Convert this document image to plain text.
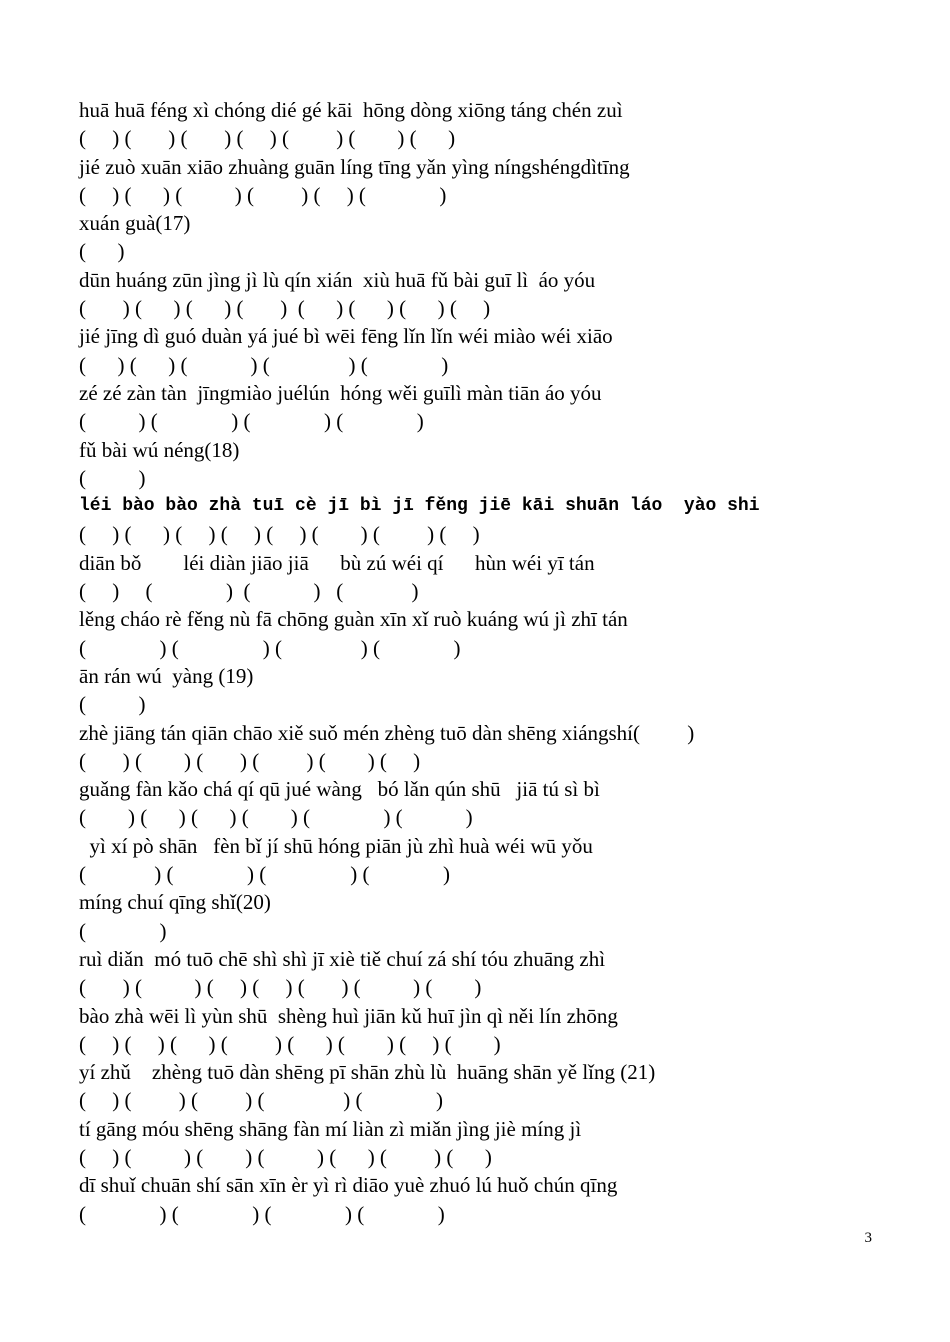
huā huā féng xì chóng dié gé kāi  hōng dòng xiōng táng chén zuì
(     ) (       ) (       ) (     ) (         ) (        ) (      )
jié zuò xuān xiāo zhuàng guān líng tīng yǎn yìng níngshéngdìtīng
(     ) (      ) (          ) (         ) (     ) (              )
xuán guà(17)
(      )
dūn huáng zūn jìng jì lù qín xián  xiù huā fǔ bài guī lì  áo yóu
(       ) (      ) (      ) (       )  (      ) (      ) (      ) (     )
jié jīng dì guó duàn yá jué bì wēi fēng lǐn lǐn wéi miào wéi xiāo
(      ) (      ) (            ) (               ) (              )
zé zé zàn tàn  jīngmiào juélún  hóng wěi guīlì màn tiān áo yóu
(          ) (              ) (              ) (              )
fǔ bài wú néng(18)
(          )
léi bào bào zhà tuī cè jī bì jī fěng jiē kāi shuān láo  yào shi
(     ) (      ) (     ) (     ) (     ) (        ) (         ) (     )
diān bǒ        léi diàn jiāo jiā      bù zú wéi qí      hùn wéi yī tán
(     )     (              )  (            )   (             )
lěng cháo rè fěng nù fā chōng guàn xīn xǐ ruò kuáng wú jì zhī tán
(              ) (                ) (               ) (              )
ān rán wú  yàng (19)
(          )
zhè jiāng tán qiān chāo xiě suǒ mén zhèng tuō dàn shēng xiángshí(         )
(       ) (        ) (       ) (         ) (        ) (     )
guǎng fàn kǎo chá qí qū jué wàng   bó lǎn qún shū   jiā tú sì bì
(        ) (      ) (      ) (        ) (              ) (            )
yì xí pò shān   fèn bǐ jí shū hóng piān jù zhì huà wéi wū yǒu
(             ) (              ) (                ) (              )
míng chuí qīng shǐ(20)
(              )
ruì diǎn  mó tuō chē shì shì jī xiè tiě chuí zá shí tóu zhuāng zhì
(       ) (          ) (     ) (     ) (       ) (          ) (        )
bào zhà wēi lì yùn shū  shèng huì jiān kǔ huī jìn qì něi lín zhōng
(     ) (     ) (      ) (         ) (      ) (        ) (     ) (        )
yí zhǔ    zhèng tuō dàn shēng pī shān zhù lù  huāng shān yě lǐng (21)
(     ) (         ) (         ) (               ) (              )
tí gāng móu shēng shāng fàn mí liàn zì miǎn jìng jiè míng jì
(     ) (          ) (        ) (          ) (      ) (         ) (      )
dī shuǐ chuān shí sān xīn èr yì rì diāo yuè zhuó lú huǒ chún qīng
(              ) (              ) (              ) (              )
3
